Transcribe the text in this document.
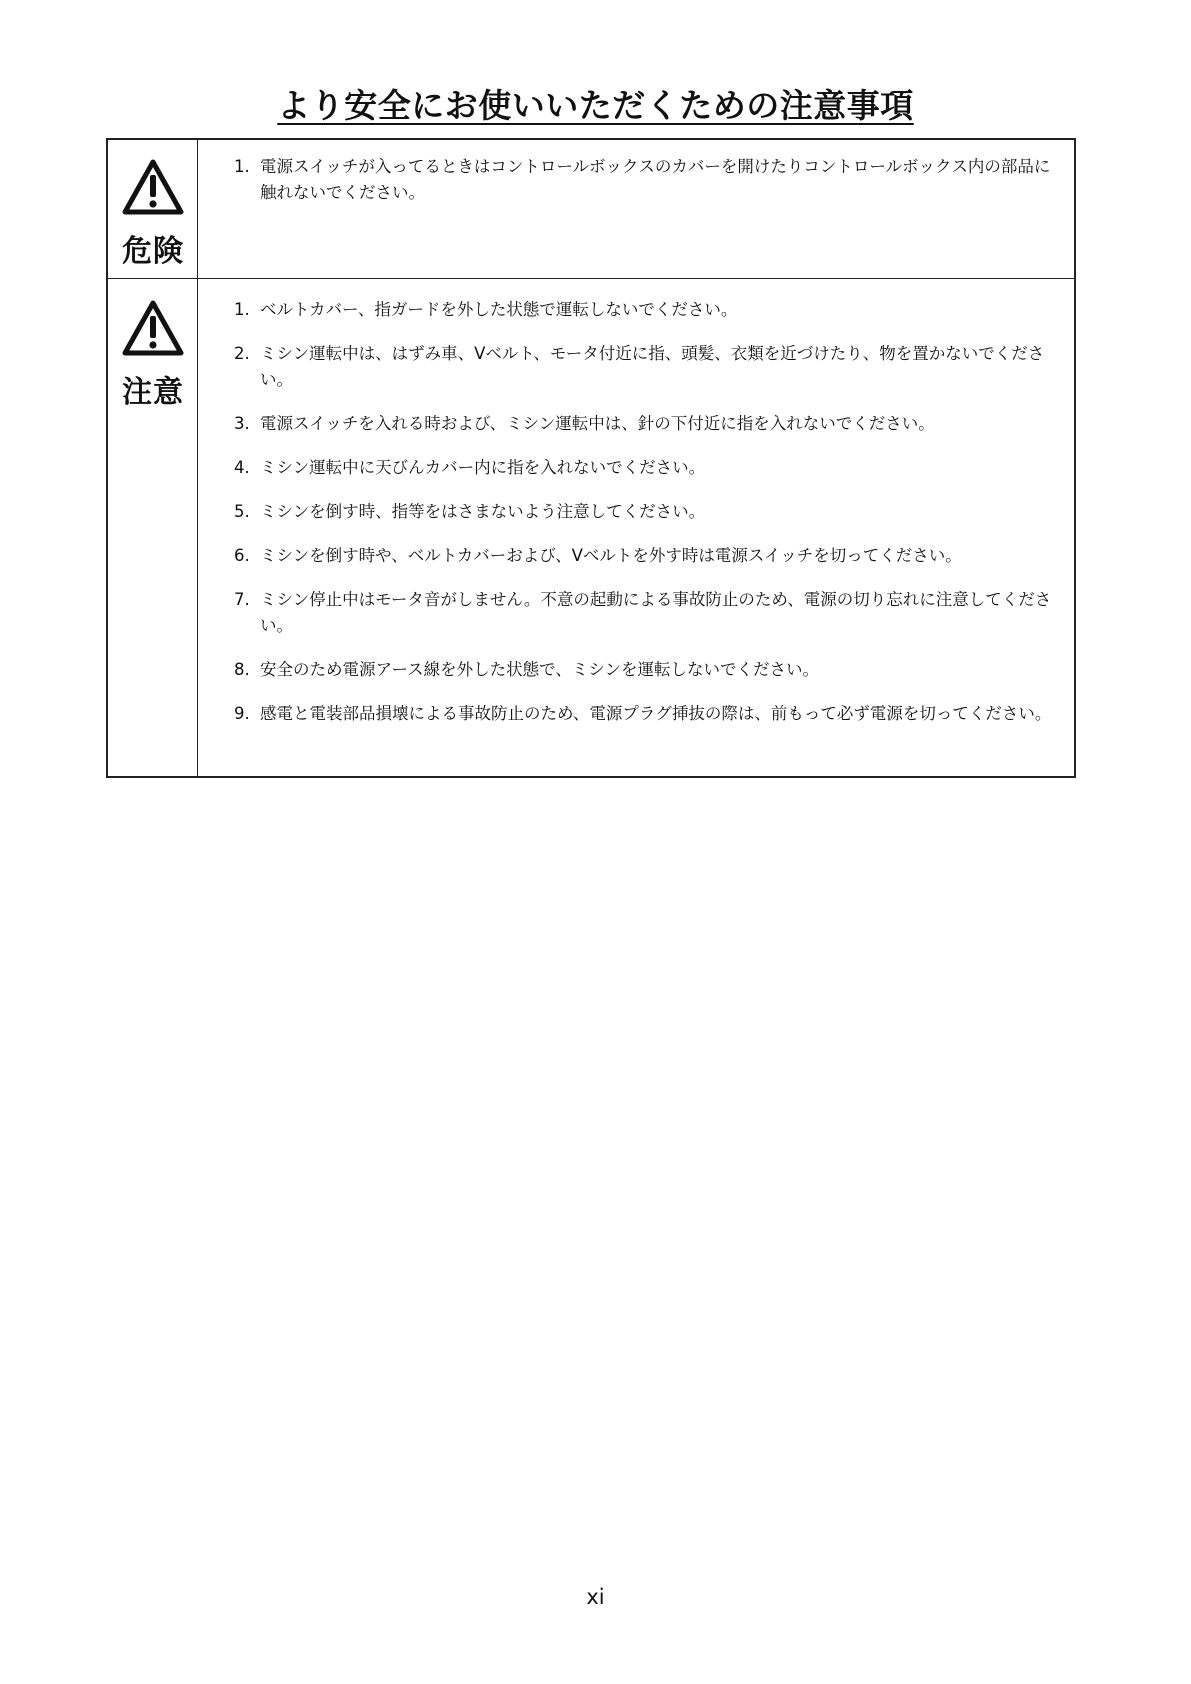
より安全にお使いいただくための注意事項
危険
1. 電源スイッチが入ってるときはコントロールボックスのカバーを開けたりコントロールボックス内の部品に触れないでください。
注意
1. ベルトカバー、指ガードを外した状態で運転しないでください。
2. ミシン運転中は、はずみ車、Vベルト、モータ付近に指、頭髪、衣類を近づけたり、物を置かないでください。
3. 電源スイッチを入れる時および、ミシン運転中は、針の下付近に指を入れないでください。
4. ミシン運転中に天びんカバー内に指を入れないでください。
5. ミシンを倒す時、指等をはさまないよう注意してください。
6. ミシンを倒す時や、ベルトカバーおよび、Vベルトを外す時は電源スイッチを切ってください。
7. ミシン停止中はモータ音がしません。不意の起動による事故防止のため、電源の切り忘れに注意してください。
8. 安全のため電源アース線を外した状態で、ミシンを運転しないでください。
9. 感電と電装部品損壊による事故防止のため、電源プラグ挿抜の際は、前もって必ず電源を切ってください。
xi
